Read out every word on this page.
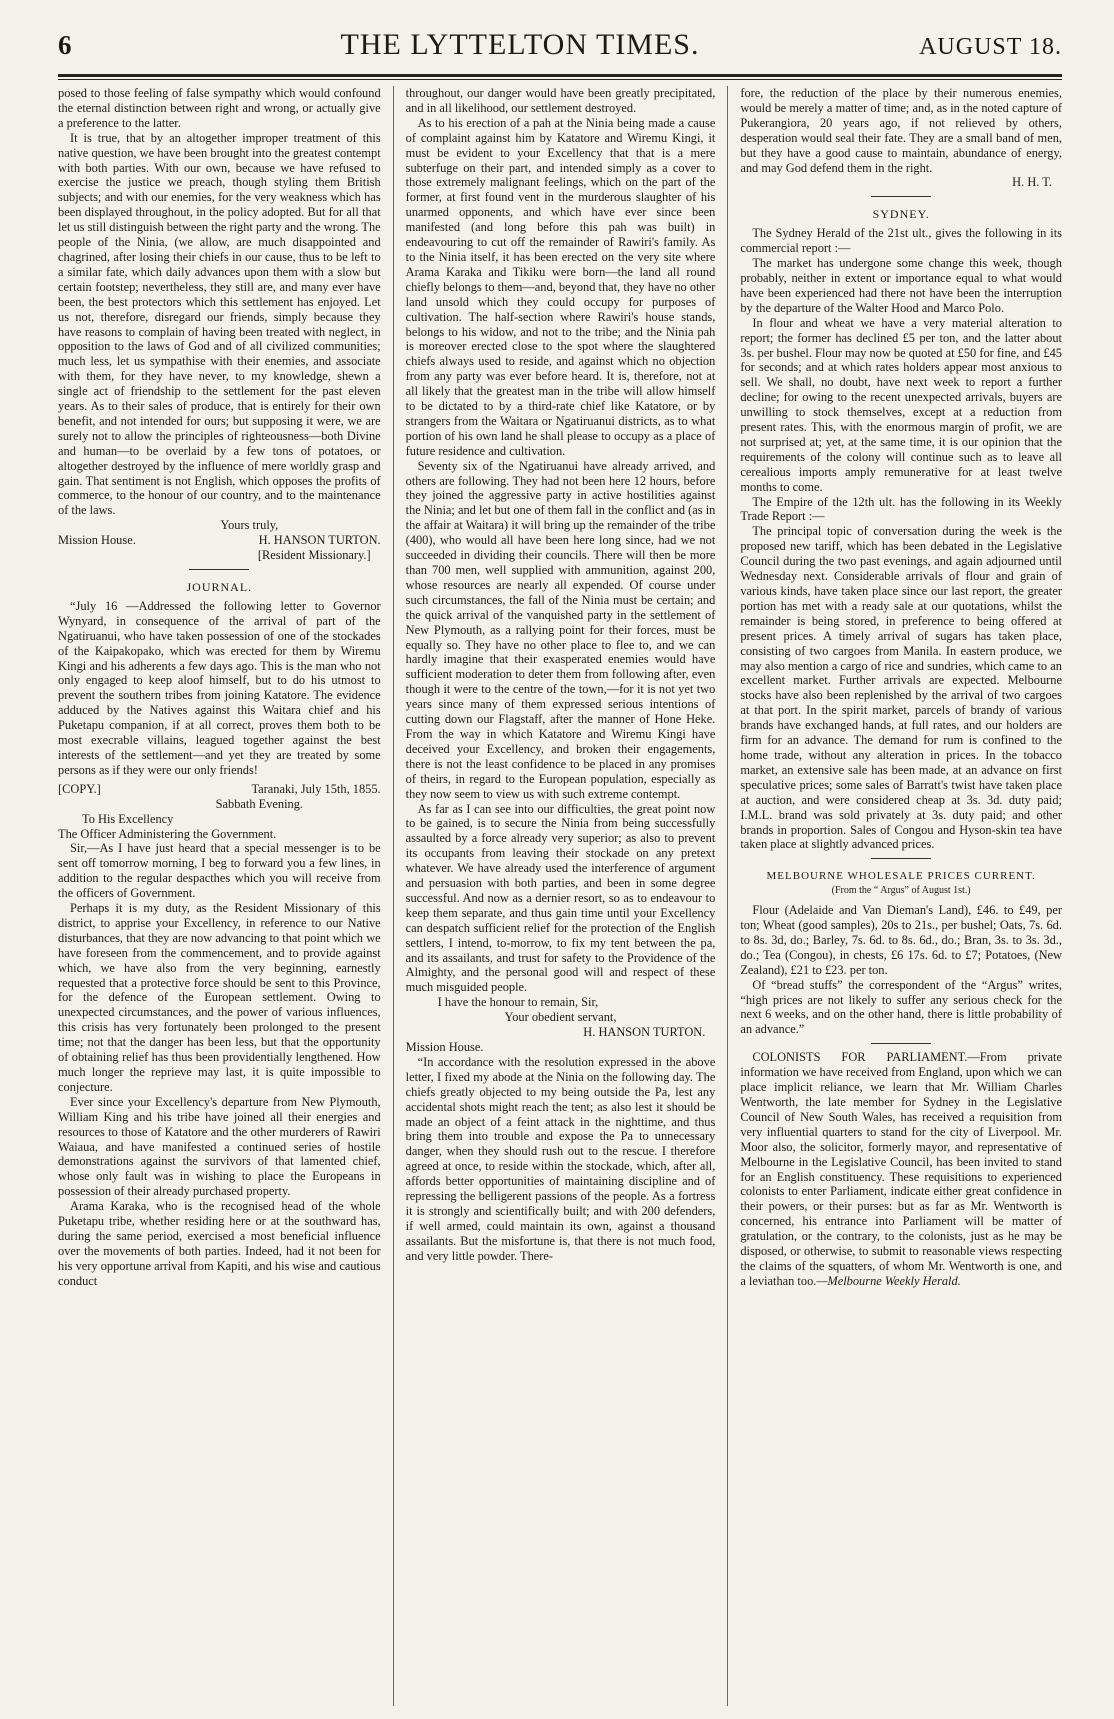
6	THE LYTTELTON TIMES.	AUGUST 18.

posed to those feeling of false sympathy which would confound the eternal distinction between right and wrong, or actually give a preference to the latter.

It is true, that by an altogether improper treatment of this native question, we have been brought into the greatest contempt with both parties. With our own, because we have refused to exercise the justice we preach, though styling them British subjects; and with our enemies, for the very weakness which has been displayed throughout, in the policy adopted. But for all that let us still distinguish between the right party and the wrong. The people of the Ninia, (we allow, are much disappointed and chagrined, after losing their chiefs in our cause, thus to be left to a similar fate, which daily advances upon them with a slow but certain footstep; nevertheless, they still are, and many ever have been, the best protectors which this settlement has enjoyed. Let us not, therefore, disregard our friends, simply because they have reasons to complain of having been treated with neglect, in opposition to the laws of God and of all civilized communities; much less, let us sympathise with their enemies, and associate with them, for they have never, to my knowledge, shewn a single act of friendship to the settlement for the past eleven years. As to their sales of produce, that is entirely for their own benefit, and not intended for ours; but supposing it were, we are surely not to allow the principles of righteousness—both Divine and human—to be overlaid by a few tons of potatoes, or altogether destroyed by the influence of mere worldly grasp and gain. That sentiment is not English, which opposes the profits of commerce, to the honour of our country, and to the maintenance of the laws.

Yours truly,
Mission House.	H. HANSON TURTON.
[Resident Missionary.]
JOURNAL.

“July 16 —Addressed the following letter to Governor Wynyard, in consequence of the arrival of part of the Ngatiruanui, who have taken possession of one of the stockades of the Kaipakopako, which was erected for them by Wiremu Kingi and his adherents a few days ago. This is the man who not only engaged to keep aloof himself, but to do his utmost to prevent the southern tribes from joining Katatore. The evidence adduced by the Natives against this Waitara chief and his Puketapu companion, if at all correct, proves them both to be most execrable villains, leagued together against the best interests of the settlement—and yet they are treated by some persons as if they were our only friends!

[COPY.]	Taranaki, July 15th, 1855.
Sabbath Evening.
To His Excellency
The Officer Administering the Government.

Sir,—As I have just heard that a special messenger is to be sent off tomorrow morning, I beg to forward you a few lines, in addition to the regular despacthes which you will receive from the officers of Government.

Perhaps it is my duty, as the Resident Missionary of this district, to apprise your Excellency, in reference to our Native disturbances, that they are now advancing to that point which we have foreseen from the commencement, and to provide against which, we have also from the very beginning, earnestly requested that a protective force should be sent to this Province, for the defence of the European settlement. Owing to unexpected circumstances, and the power of various influences, this crisis has very fortunately been prolonged to the present time; not that the danger has been less, but that the opportunity of obtaining relief has thus been providentially lengthened. How much longer the reprieve may last, it is quite impossible to conjecture.

Ever since your Excellency's departure from New Plymouth, William King and his tribe have joined all their energies and resources to those of Katatore and the other murderers of Rawiri Waiaua, and have manifested a continued series of hostile demonstrations against the survivors of that lamented chief, whose only fault was in wishing to place the Europeans in possession of their already purchased property.

Arama Karaka, who is the recognised head of the whole Puketapu tribe, whether residing here or at the southward has, during the same period, exercised a most beneficial influence over the movements of both parties. Indeed, had it not been for his very opportune arrival from Kapiti, and his wise and cautious conduct

throughout, our danger would have been greatly precipitated, and in all likelihood, our settlement destroyed.

As to his erection of a pah at the Ninia being made a cause of complaint against him by Katatore and Wiremu Kingi, it must be evident to your Excellency that that is a mere subterfuge on their part, and intended simply as a cover to those extremely malignant feelings, which on the part of the former, at first found vent in the murderous slaughter of his unarmed opponents, and which have ever since been manifested (and long before this pah was built) in endeavouring to cut off the remainder of Rawiri's family. As to the Ninia itself, it has been erected on the very site where Arama Karaka and Tikiku were born—the land all round chiefly belongs to them—and, beyond that, they have no other land unsold which they could occupy for purposes of cultivation. The half-section where Rawiri's house stands, belongs to his widow, and not to the tribe; and the Ninia pah is moreover erected close to the spot where the slaughtered chiefs always used to reside, and against which no objection from any party was ever before heard. It is, therefore, not at all likely that the greatest man in the tribe will allow himself to be dictated to by a third-rate chief like Katatore, or by strangers from the Waitara or Ngatiruanui districts, as to what portion of his own land he shall please to occupy as a place of future residence and cultivation.

Seventy six of the Ngatiruanui have already arrived, and others are following. They had not been here 12 hours, before they joined the aggressive party in active hostilities against the Ninia; and let but one of them fall in the conflict and (as in the affair at Waitara) it will bring up the remainder of the tribe (400), who would all have been here long since, had we not succeeded in dividing their councils. There will then be more than 700 men, well supplied with ammunition, against 200, whose resources are nearly all expended. Of course under such circumstances, the fall of the Ninia must be certain; and the quick arrival of the vanquished party in the settlement of New Plymouth, as a rallying point for their forces, must be equally so. They have no other place to flee to, and we can hardly imagine that their exasperated enemies would have sufficient moderation to deter them from following after, even though it were to the centre of the town,—for it is not yet two years since many of them expressed serious intentions of cutting down our Flagstaff, after the manner of Hone Heke. From the way in which Katatore and Wiremu Kingi have deceived your Excellency, and broken their engagements, there is not the least confidence to be placed in any promises of theirs, in regard to the European population, especially as they now seem to view us with such extreme contempt.

As far as I can see into our difficulties, the great point now to be gained, is to secure the Ninia from being successfully assaulted by a force already very superior; as also to prevent its occupants from leaving their stockade on any pretext whatever. We have already used the interference of argument and persuasion with both parties, and been in some degree successful. And now as a dernier resort, so as to endeavour to keep them separate, and thus gain time until your Excellency can despatch sufficient relief for the protection of the English settlers, I intend, to-morrow, to fix my tent between the pa, and its assailants, and trust for safety to the Providence of the Almighty, and the personal good will and respect of these much misguided people.

I have the honour to remain, Sir,

Your obedient servant,
H. HANSON TURTON.
Mission House.

“In accordance with the resolution expressed in the above letter, I fixed my abode at the Ninia on the following day. The chiefs greatly objected to my being outside the Pa, lest any accidental shots might reach the tent; as also lest it should be made an object of a feint attack in the nighttime, and thus bring them into trouble and expose the Pa to unnecessary danger, when they should rush out to the rescue. I therefore agreed at once, to reside within the stockade, which, after all, affords better opportunities of maintaining discipline and of repressing the belligerent passions of the people. As a fortress it is strongly and scientifically built; and with 200 defenders, if well armed, could maintain its own, against a thousand assailants. But the misfortune is, that there is not much food, and very little powder. There-

fore, the reduction of the place by their numerous enemies, would be merely a matter of time; and, as in the noted capture of Pukerangiora, 20 years ago, if not relieved by others, desperation would seal their fate. They are a small band of men, but they have a good cause to maintain, abundance of energy, and may God defend them in the right.

H. H. T.
SYDNEY.

The Sydney Herald of the 21st ult., gives the following in its commercial report :—

The market has undergone some change this week, though probably, neither in extent or importance equal to what would have been experienced had there not have been the interruption by the departure of the Walter Hood and Marco Polo.

In flour and wheat we have a very material alteration to report; the former has declined £5 per ton, and the latter about 3s. per bushel. Flour may now be quoted at £50 for fine, and £45 for seconds; and at which rates holders appear most anxious to sell. We shall, no doubt, have next week to report a further decline; for owing to the recent unexpected arrivals, buyers are unwilling to stock themselves, except at a reduction from present rates. This, with the enormous margin of profit, we are not surprised at; yet, at the same time, it is our opinion that the requirements of the colony will continue such as to leave all cerealious imports amply remunerative for at least twelve months to come.

The Empire of the 12th ult. has the following in its Weekly Trade Report :—

The principal topic of conversation during the week is the proposed new tariff, which has been debated in the Legislative Council during the two past evenings, and again adjourned until Wednesday next. Considerable arrivals of flour and grain of various kinds, have taken place since our last report, the greater portion has met with a ready sale at our quotations, whilst the remainder is being stored, in preference to being offered at present prices. A timely arrival of sugars has taken place, consisting of two cargoes from Manila. In eastern produce, we may also mention a cargo of rice and sundries, which came to an excellent market. Further arrivals are expected. Melbourne stocks have also been replenished by the arrival of two cargoes at that port. In the spirit market, parcels of brandy of various brands have exchanged hands, at full rates, and our holders are firm for an advance. The demand for rum is confined to the home trade, without any alteration in prices. In the tobacco market, an extensive sale has been made, at an advance on first speculative prices; some sales of Barratt's twist have taken place at auction, and were considered cheap at 3s. 3d. duty paid; I.M.L. brand was sold privately at 3s. duty paid; and other brands in proportion. Sales of Congou and Hyson-skin tea have taken place at slightly advanced prices.

MELBOURNE WHOLESALE PRICES CURRENT.
(From the “ Argus” of August 1st.)

Flour (Adelaide and Van Dieman's Land), £46. to £49, per ton; Wheat (good samples), 20s to 21s., per bushel; Oats, 7s. 6d. to 8s. 3d, do.; Barley, 7s. 6d. to 8s. 6d., do.; Bran, 3s. to 3s. 3d., do.; Tea (Congou), in chests, £6 17s. 6d. to £7; Potatoes, (New Zealand), £21 to £23. per ton.

Of “bread stuffs” the correspondent of the “Argus” writes, “high prices are not likely to suffer any serious check for the next 6 weeks, and on the other hand, there is little probability of an advance.”

COLONISTS FOR PARLIAMENT.—From private information we have received from England, upon which we can place implicit reliance, we learn that Mr. William Charles Wentworth, the late member for Sydney in the Legislative Council of New South Wales, has received a requisition from very influential quarters to stand for the city of Liverpool. Mr. Moor also, the solicitor, formerly mayor, and representative of Melbourne in the Legislative Council, has been invited to stand for an English constituency. These requisitions to experienced colonists to enter Parliament, indicate either great confidence in their powers, or their purses: but as far as Mr. Wentworth is concerned, his entrance into Parliament will be matter of gratulation, or the contrary, to the colonists, just as he may be disposed, or otherwise, to submit to reasonable views respecting the claims of the squatters, of whom Mr. Wentworth is one, and a leviathan too.—Melbourne Weekly Herald.
